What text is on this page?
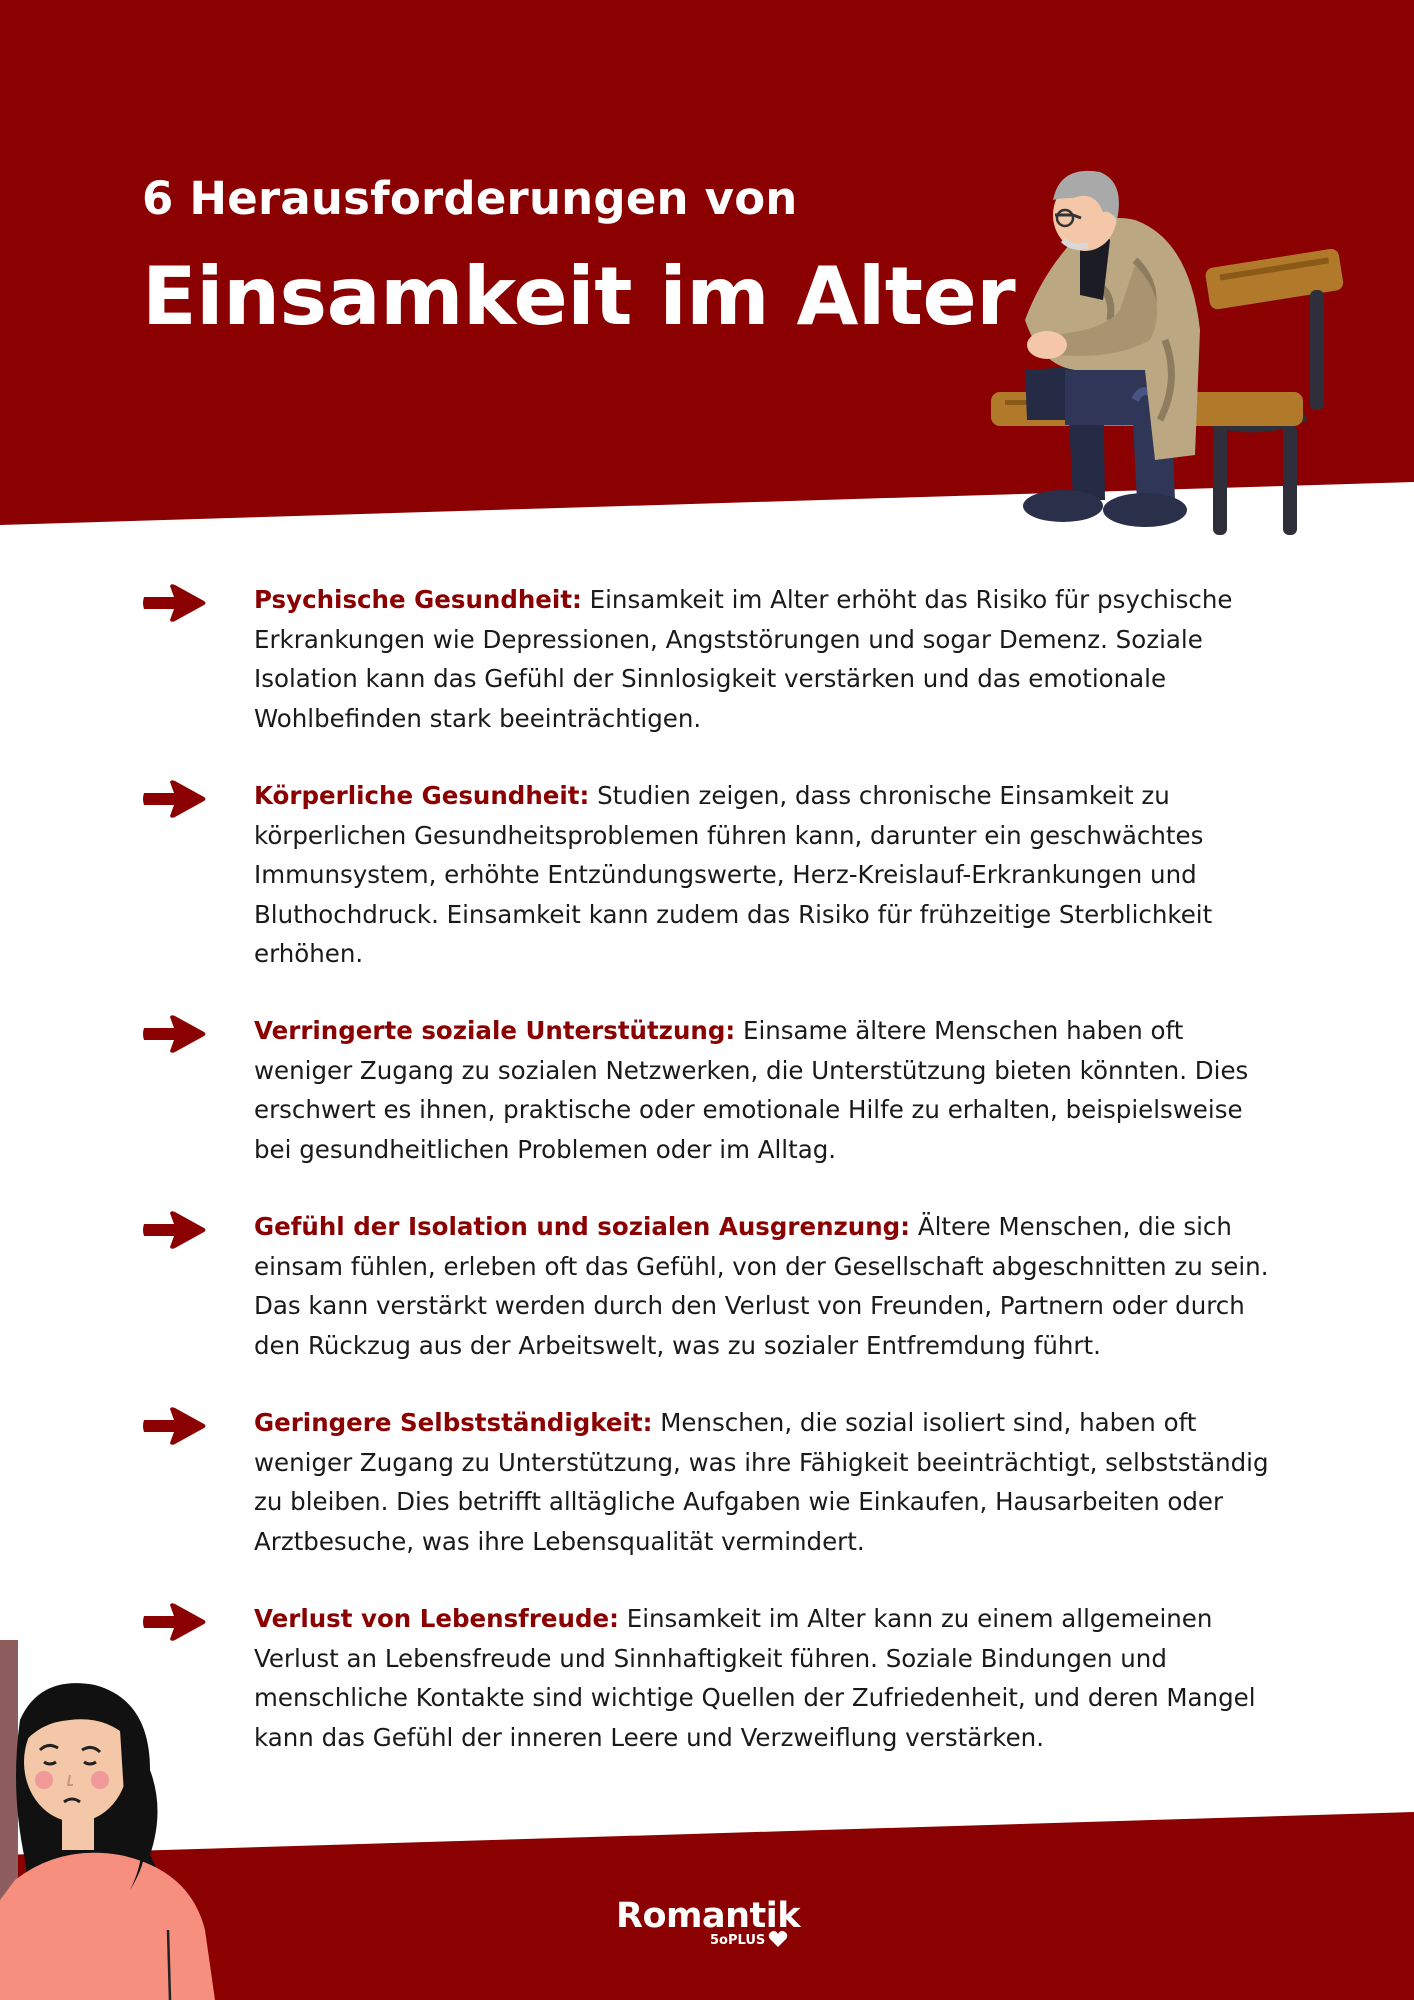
6 Herausforderungen von
Einsamkeit im Alter

Psychische Gesundheit: Einsamkeit im Alter erhöht das Risiko für psychische Erkrankungen wie Depressionen, Angststörungen und sogar Demenz. Soziale Isolation kann das Gefühl der Sinnlosigkeit verstärken und das emotionale Wohlbefinden stark beeinträchtigen.

Körperliche Gesundheit: Studien zeigen, dass chronische Einsamkeit zu körperlichen Gesundheitsproblemen führen kann, darunter ein geschwächtes Immunsystem, erhöhte Entzündungswerte, Herz-Kreislauf-Erkrankungen und Bluthochdruck. Einsamkeit kann zudem das Risiko für frühzeitige Sterblichkeit erhöhen.

Verringerte soziale Unterstützung: Einsame ältere Menschen haben oft weniger Zugang zu sozialen Netzwerken, die Unterstützung bieten könnten. Dies erschwert es ihnen, praktische oder emotionale Hilfe zu erhalten, beispielsweise bei gesundheitlichen Problemen oder im Alltag.

Gefühl der Isolation und sozialen Ausgrenzung: Ältere Menschen, die sich einsam fühlen, erleben oft das Gefühl, von der Gesellschaft abgeschnitten zu sein. Das kann verstärkt werden durch den Verlust von Freunden, Partnern oder durch den Rückzug aus der Arbeitswelt, was zu sozialer Entfremdung führt.

Geringere Selbstständigkeit: Menschen, die sozial isoliert sind, haben oft weniger Zugang zu Unterstützung, was ihre Fähigkeit beeinträchtigt, selbstständig zu bleiben. Dies betrifft alltägliche Aufgaben wie Einkaufen, Hausarbeiten oder Arztbesuche, was ihre Lebensqualität vermindert.

Verlust von Lebensfreude: Einsamkeit im Alter kann zu einem allgemeinen Verlust an Lebensfreude und Sinnhaftigkeit führen. Soziale Bindungen und menschliche Kontakte sind wichtige Quellen der Zufriedenheit, und deren Mangel kann das Gefühl der inneren Leere und Verzweiflung verstärken.

Romantik
5oPLUS
